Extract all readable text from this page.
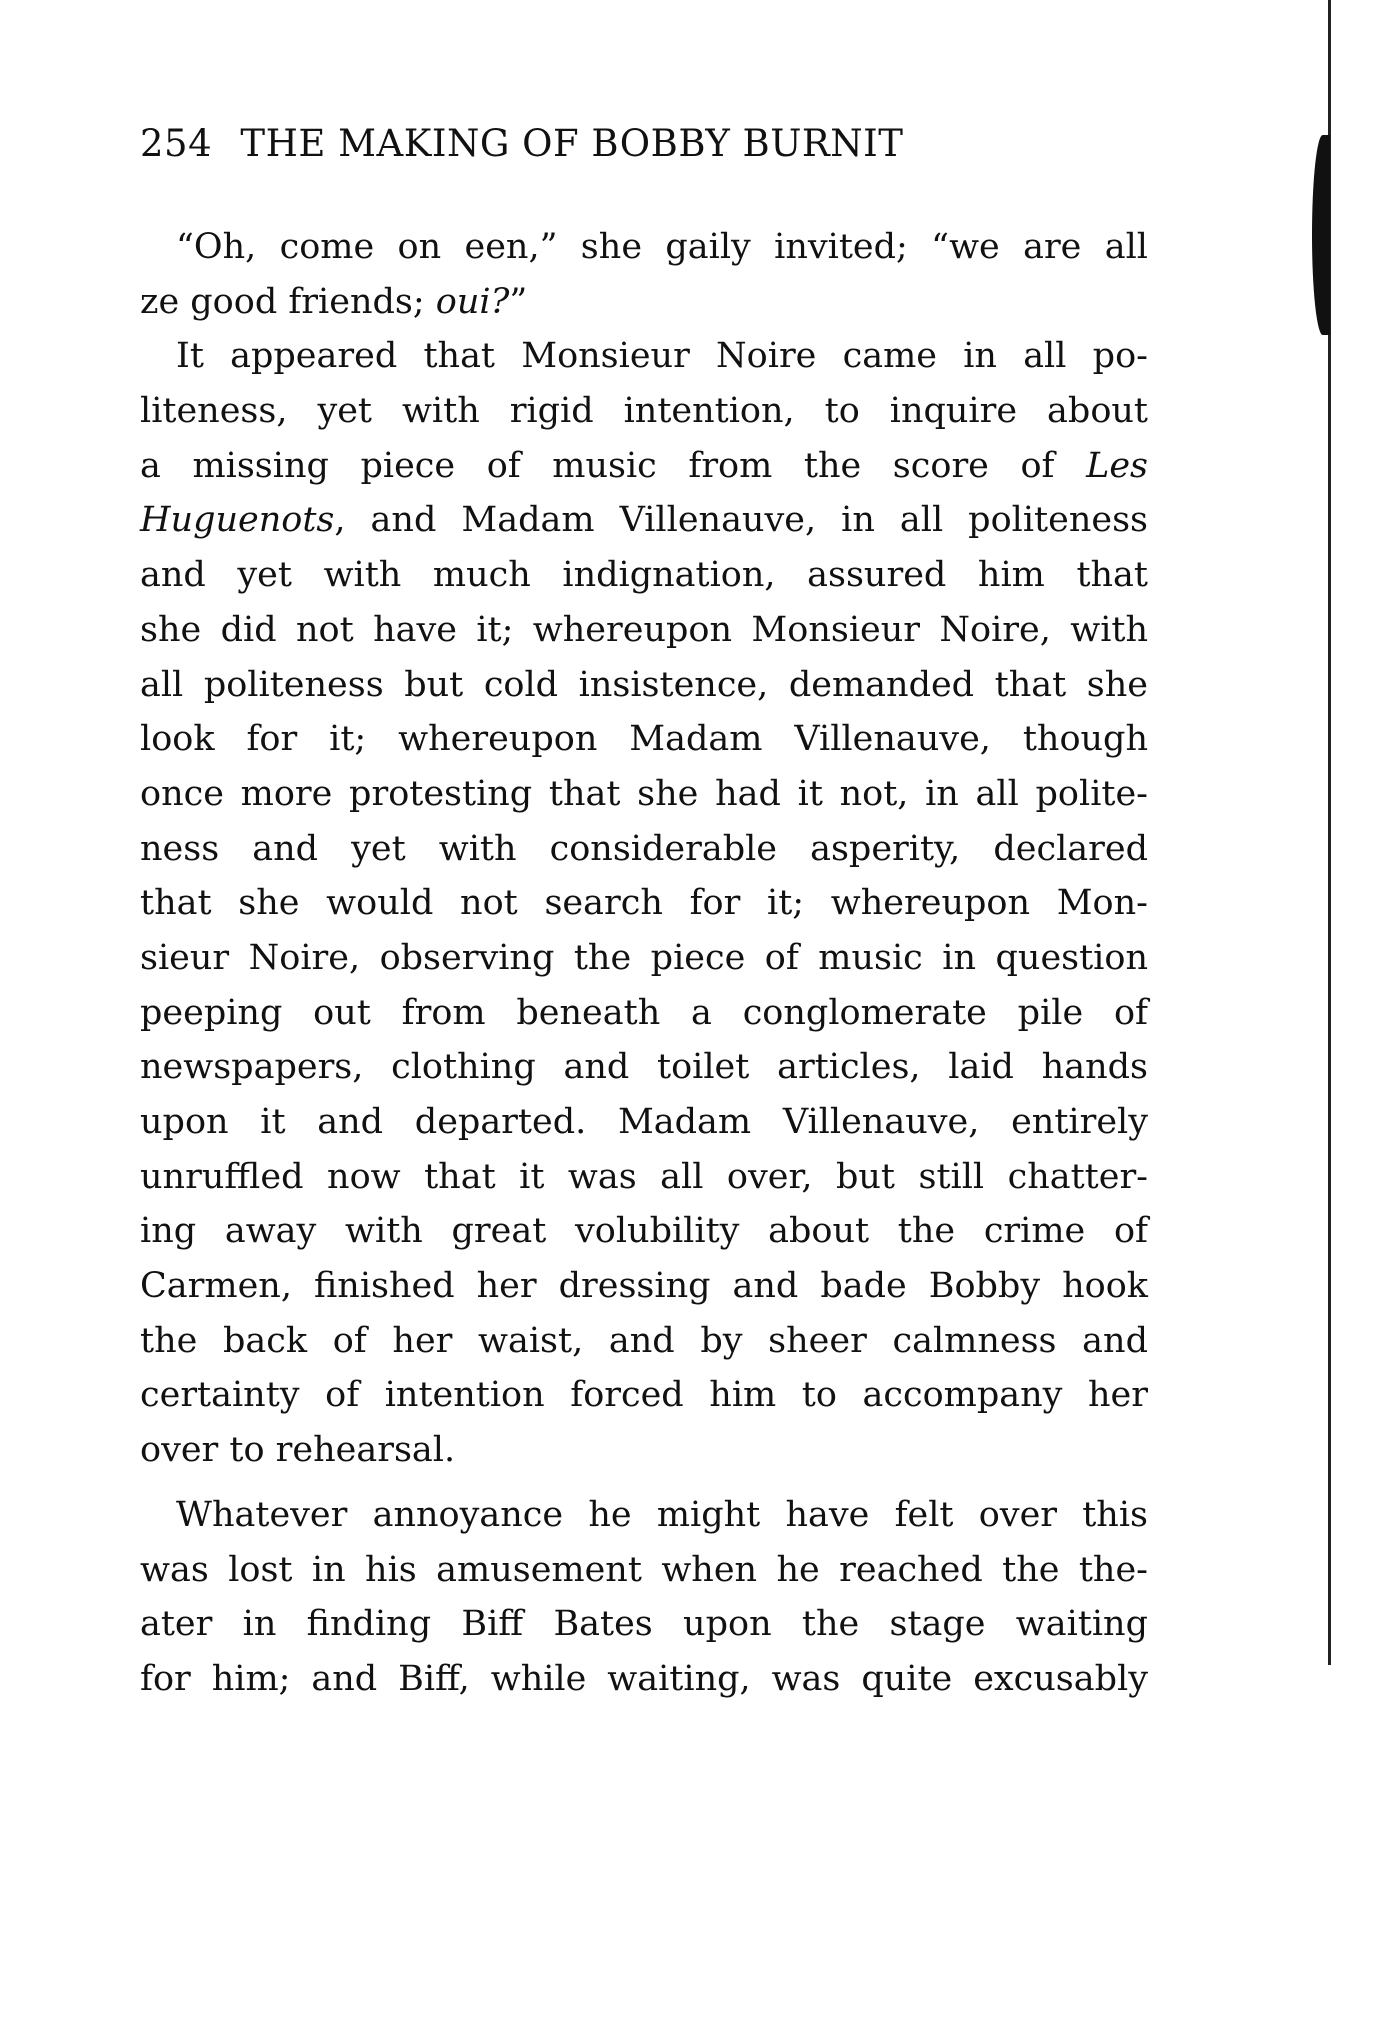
254 THE MAKING OF BOBBY BURNIT
“Oh, come on een,” she gaily invited; “we are all
ze good friends; oui?”
It appeared that Monsieur Noire came in all po-
liteness, yet with rigid intention, to inquire about
a missing piece of music from the score of Les
Huguenots, and Madam Villenauve, in all politeness
and yet with much indignation, assured him that
she did not have it; whereupon Monsieur Noire, with
all politeness but cold insistence, demanded that she
look for it; whereupon Madam Villenauve, though
once more protesting that she had it not, in all polite-
ness and yet with considerable asperity, declared
that she would not search for it; whereupon Mon-
sieur Noire, observing the piece of music in question
peeping out from beneath a conglomerate pile of
newspapers, clothing and toilet articles, laid hands
upon it and departed. Madam Villenauve, entirely
unruffled now that it was all over, but still chatter-
ing away with great volubility about the crime of
Carmen, finished her dressing and bade Bobby hook
the back of her waist, and by sheer calmness and
certainty of intention forced him to accompany her
over to rehearsal.
Whatever annoyance he might have felt over this
was lost in his amusement when he reached the the-
ater in finding Biff Bates upon the stage waiting
for him; and Biff, while waiting, was quite excusably
